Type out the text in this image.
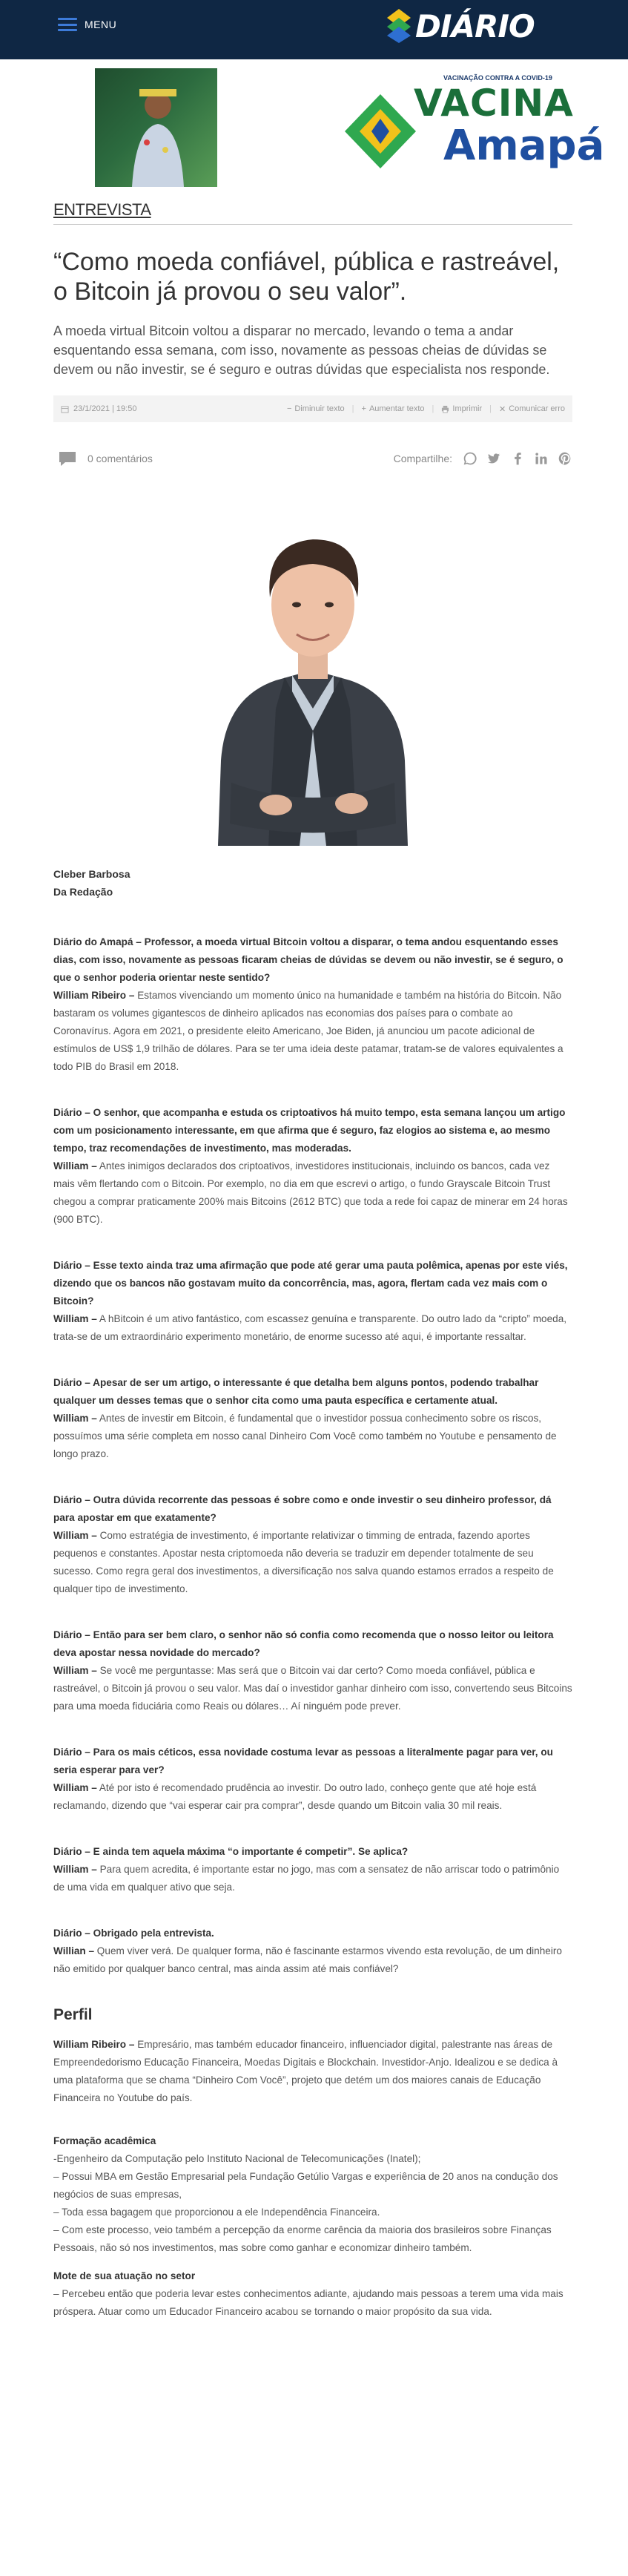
MENU	DIÁRIO
VACINAÇÃO CONTRA A COVID-19
VACINA
Amapá
ENTREVISTA
“Como moeda confiável, pública e rastreável, o Bitcoin já provou o seu valor”.

A moeda virtual Bitcoin voltou a disparar no mercado, levando o tema a andar esquentando essa semana, com isso, novamente as pessoas cheias de dúvidas se devem ou não investir, se é seguro e outras dúvidas que especialista nos responde.

23/1/2021 | 19:50	− Diminuir texto | + Aumentar texto | Imprimir | ✕ Comunicar erro
0 comentários	Compartilhe:
Cleber Barbosa
Da Redação
Diário do Amapá – Professor, a moeda virtual Bitcoin voltou a disparar, o tema andou esquentando esses dias, com isso, novamente as pessoas ficaram cheias de dúvidas se devem ou não investir, se é seguro, o que o senhor poderia orientar neste sentido?
William Ribeiro – Estamos vivenciando um momento único na humanidade e também na história do Bitcoin. Não bastaram os volumes gigantescos de dinheiro aplicados nas economias dos países para o combate ao Coronavírus. Agora em 2021, o presidente eleito Americano, Joe Biden, já anunciou um pacote adicional de estímulos de US$ 1,9 trilhão de dólares. Para se ter uma ideia deste patamar, tratam-se de valores equivalentes a todo PIB do Brasil em 2018.
Diário – O senhor, que acompanha e estuda os criptoativos há muito tempo, esta semana lançou um artigo com um posicionamento interessante, em que afirma que é seguro, faz elogios ao sistema e, ao mesmo tempo, traz recomendações de investimento, mas moderadas.
William – Antes inimigos declarados dos criptoativos, investidores institucionais, incluindo os bancos, cada vez mais vêm flertando com o Bitcoin. Por exemplo, no dia em que escrevi o artigo, o fundo Grayscale Bitcoin Trust chegou a comprar praticamente 200% mais Bitcoins (2612 BTC) que toda a rede foi capaz de minerar em 24 horas (900 BTC).
Diário – Esse texto ainda traz uma afirmação que pode até gerar uma pauta polêmica, apenas por este viés, dizendo que os bancos não gostavam muito da concorrência, mas, agora, flertam cada vez mais com o Bitcoin?
William – A hBitcoin é um ativo fantástico, com escassez genuína e transparente. Do outro lado da “cripto” moeda, trata-se de um extraordinário experimento monetário, de enorme sucesso até aqui, é importante ressaltar.
Diário – Apesar de ser um artigo, o interessante é que detalha bem alguns pontos, podendo trabalhar qualquer um desses temas que o senhor cita como uma pauta específica e certamente atual.
William – Antes de investir em Bitcoin, é fundamental que o investidor possua conhecimento sobre os riscos, possuímos uma série completa em nosso canal Dinheiro Com Você como também no Youtube e pensamento de longo prazo.
Diário – Outra dúvida recorrente das pessoas é sobre como e onde investir o seu dinheiro professor, dá para apostar em que exatamente?
William – Como estratégia de investimento, é importante relativizar o timming de entrada, fazendo aportes pequenos e constantes. Apostar nesta criptomoeda não deveria se traduzir em depender totalmente de seu sucesso. Como regra geral dos investimentos, a diversificação nos salva quando estamos errados a respeito de qualquer tipo de investimento.
Diário – Então para ser bem claro, o senhor não só confia como recomenda que o nosso leitor ou leitora deva apostar nessa novidade do mercado?
William – Se você me perguntasse: Mas será que o Bitcoin vai dar certo? Como moeda confiável, pública e rastreável, o Bitcoin já provou o seu valor. Mas daí o investidor ganhar dinheiro com isso, convertendo seus Bitcoins para uma moeda fiduciária como Reais ou dólares… Aí ninguém pode prever.
Diário – Para os mais céticos, essa novidade costuma levar as pessoas a literalmente pagar para ver, ou seria esperar para ver?
William – Até por isto é recomendado prudência ao investir. Do outro lado, conheço gente que até hoje está reclamando, dizendo que “vai esperar cair pra comprar”, desde quando um Bitcoin valia 30 mil reais.
Diário – E ainda tem aquela máxima “o importante é competir”. Se aplica?
William – Para quem acredita, é importante estar no jogo, mas com a sensatez de não arriscar todo o patrimônio de uma vida em qualquer ativo que seja.
Diário – Obrigado pela entrevista.
Willian – Quem viver verá. De qualquer forma, não é fascinante estarmos vivendo esta revolução, de um dinheiro não emitido por qualquer banco central, mas ainda assim até mais confiável?
Perfil
William Ribeiro – Empresário, mas também educador financeiro, influenciador digital, palestrante nas áreas de Empreendedorismo Educação Financeira, Moedas Digitais e Blockchain. Investidor-Anjo. Idealizou e se dedica à uma plataforma que se chama “Dinheiro Com Você”, projeto que detém um dos maiores canais de Educação Financeira no Youtube do país.
Formação acadêmica
-Engenheiro da Computação pelo Instituto Nacional de Telecomunicações (Inatel);
– Possui MBA em Gestão Empresarial pela Fundação Getúlio Vargas e experiência de 20 anos na condução dos negócios de suas empresas,
– Toda essa bagagem que proporcionou a ele Independência Financeira.
– Com este processo, veio também a percepção da enorme carência da maioria dos brasileiros sobre Finanças Pessoais, não só nos investimentos, mas sobre como ganhar e economizar dinheiro também.
Mote de sua atuação no setor
– Percebeu então que poderia levar estes conhecimentos adiante, ajudando mais pessoas a terem uma vida mais próspera. Atuar como um Educador Financeiro acabou se tornando o maior propósito da sua vida.
